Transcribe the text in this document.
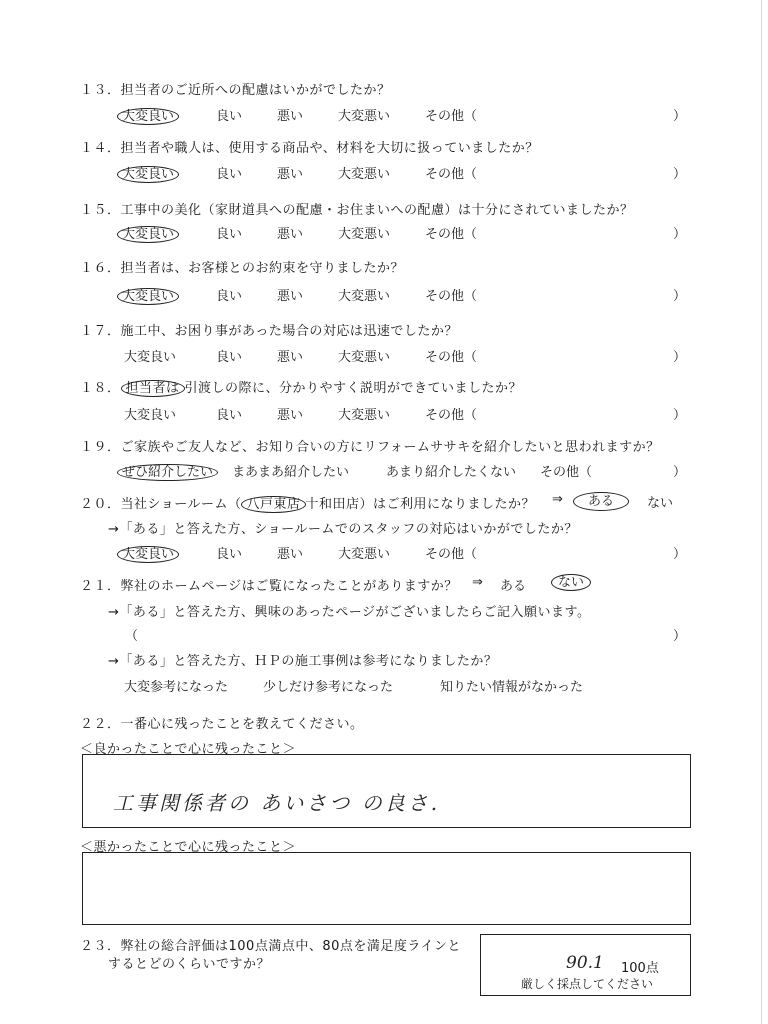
１３．担当者のご近所への配慮はいかがでしたか？
大変良い	良い	悪い	大変悪い	その他（	）
１４．担当者や職人は、使用する商品や、材料を大切に扱っていましたか？
大変良い	良い	悪い	大変悪い	その他（	）
１５．工事中の美化（家財道具への配慮・お住まいへの配慮）は十分にされていましたか？
大変良い	良い	悪い	大変悪い	その他（	）
１６．担当者は、お客様とのお約束を守りましたか？
大変良い	良い	悪い	大変悪い	その他（	）
１７．施工中、お困り事があった場合の対応は迅速でしたか？
大変良い	良い	悪い	大変悪い	その他（	）
１８． 担当者は 引渡しの際に、分かりやすく説明ができていましたか？
大変良い	良い	悪い	大変悪い	その他（	）
１９．ご家族やご友人など、お知り合いの方にリフォームササキを紹介したいと思われますか？
ぜひ紹介したい	まあまあ紹介したい	あまり紹介したくない その他（	）
２０．当社ショールーム（ 八戸東店 十和田店）はご利用になりましたか？ ⇒	ある	ない
→「ある」と答えた方、ショールームでのスタッフの対応はいかがでしたか？
大変良い	良い	悪い	大変悪い	その他（	）
２１．弊社のホームページはご覧になったことがありますか？ ⇒ ある ない
→「ある」と答えた方、興味のあったページがございましたらご記入願います。
（	）
→「ある」と答えた方、ＨＰの施工事例は参考になりましたか？
大変参考になった	少しだけ参考になった	知りたい情報がなかった
２２．一番心に残ったことを教えてください。
＜良かったことで心に残ったこと＞
工事関係者の あいさつ の良さ.
＜悪かったことで心に残ったこと＞
２３．弊社の総合評価は100点満点中、80点を満足度ラインと
するとどのくらいですか？	90.1 100点
厳しく採点してください
